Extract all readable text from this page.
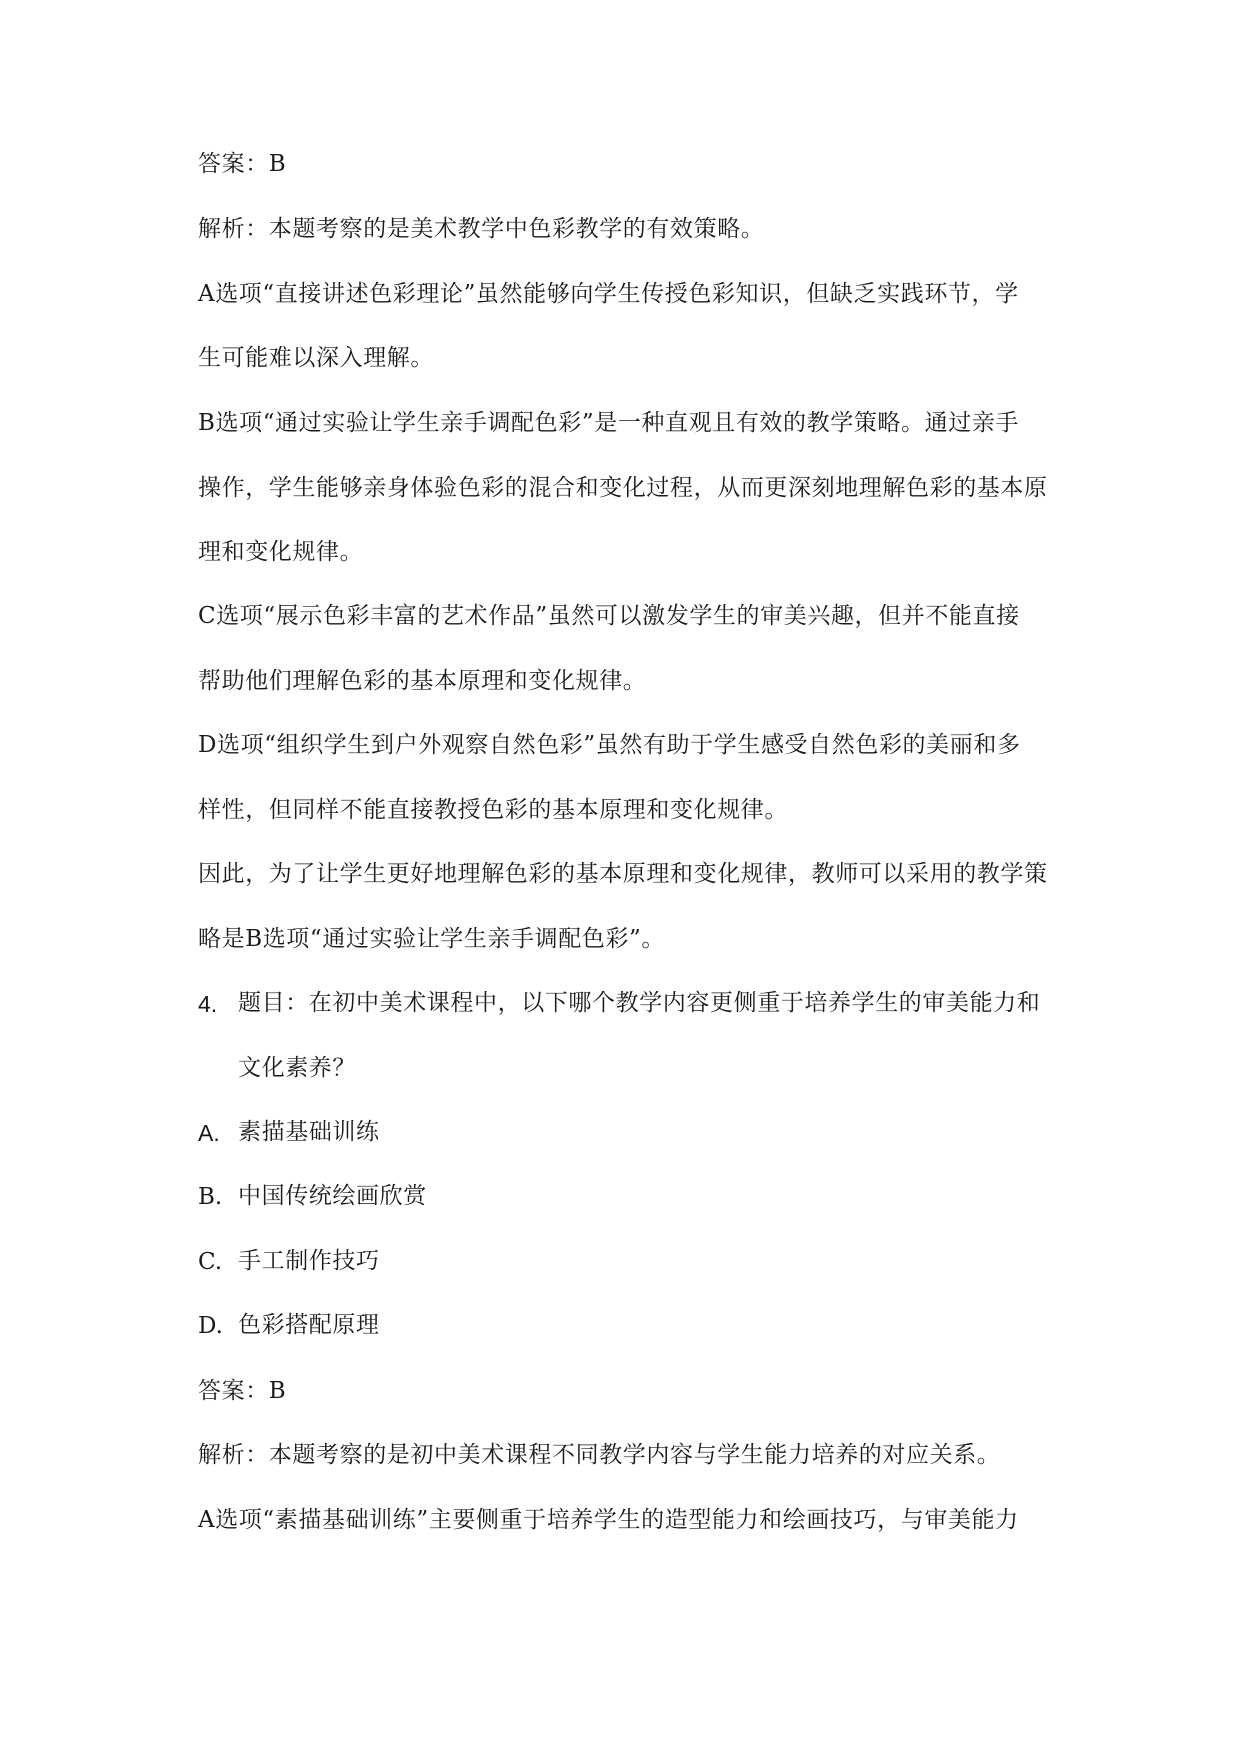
答案：B
解析：本题考察的是美术教学中色彩教学的有效策略。
A选项“直接讲述色彩理论”虽然能够向学生传授色彩知识，但缺乏实践环节，学
生可能难以深入理解。
B选项“通过实验让学生亲手调配色彩”是一种直观且有效的教学策略。通过亲手
操作，学生能够亲身体验色彩的混合和变化过程，从而更深刻地理解色彩的基本原
理和变化规律。
C选项“展示色彩丰富的艺术作品”虽然可以激发学生的审美兴趣，但并不能直接
帮助他们理解色彩的基本原理和变化规律。
D选项“组织学生到户外观察自然色彩”虽然有助于学生感受自然色彩的美丽和多
样性，但同样不能直接教授色彩的基本原理和变化规律。
因此，为了让学生更好地理解色彩的基本原理和变化规律，教师可以采用的教学策
略是B选项“通过实验让学生亲手调配色彩”。
4. 题目：在初中美术课程中，以下哪个教学内容更侧重于培养学生的审美能力和
文化素养？
A. 素描基础训练
B. 中国传统绘画欣赏
C. 手工制作技巧
D. 色彩搭配原理
答案：B
解析：本题考察的是初中美术课程不同教学内容与学生能力培养的对应关系。
A选项“素描基础训练”主要侧重于培养学生的造型能力和绘画技巧，与审美能力
